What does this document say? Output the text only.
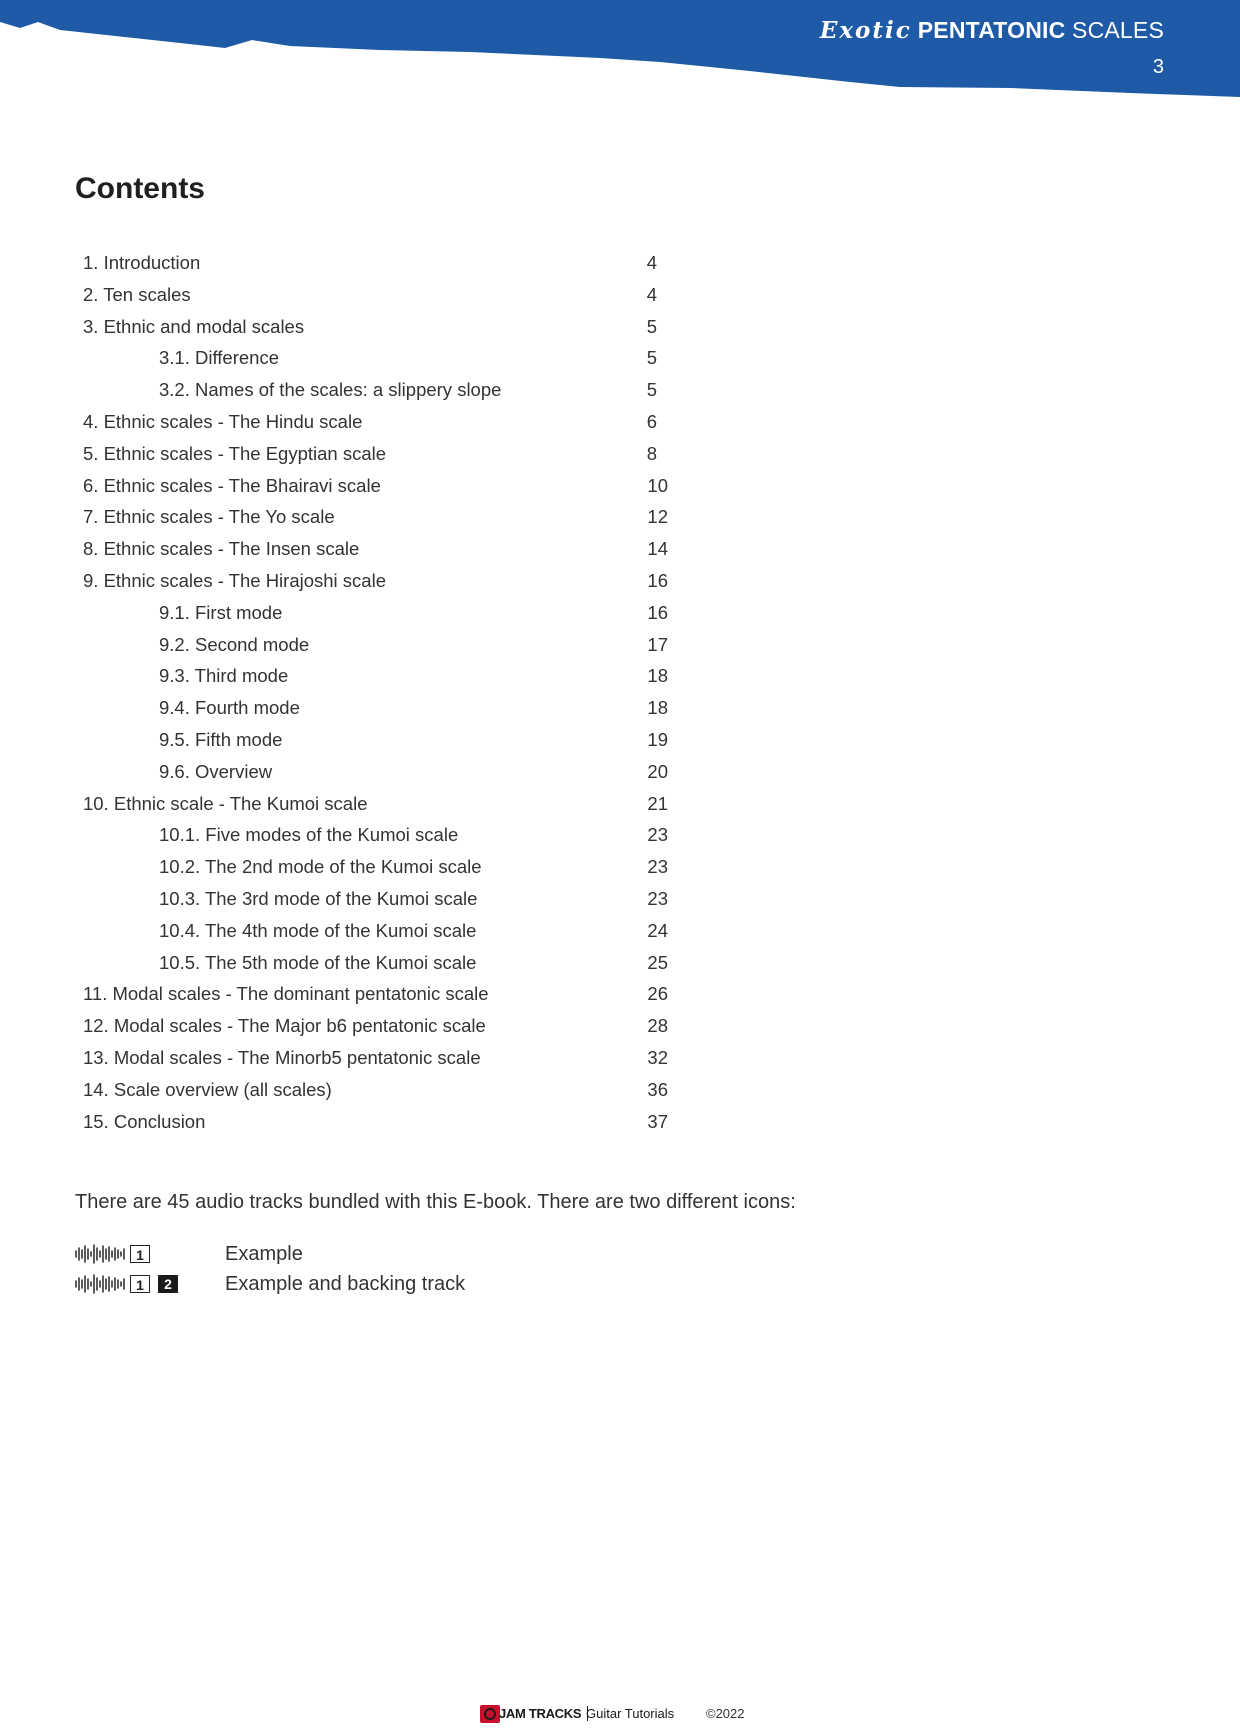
Exotic PENTATONIC SCALES
3
Contents
1. Introduction	4
2. Ten scales	4
3. Ethnic and modal scales	5
3.1. Difference	5
3.2. Names of the scales: a slippery slope	5
4. Ethnic scales - The Hindu scale	6
5. Ethnic scales - The Egyptian scale	8
6. Ethnic scales - The Bhairavi scale	10
7. Ethnic scales - The Yo scale	12
8. Ethnic scales - The Insen scale	14
9. Ethnic scales - The Hirajoshi scale	16
9.1. First mode	16
9.2. Second mode	17
9.3. Third mode	18
9.4. Fourth mode	18
9.5. Fifth mode	19
9.6. Overview	20
10. Ethnic scale - The Kumoi scale	21
10.1. Five modes of the Kumoi scale	23
10.2. The 2nd mode of the Kumoi scale	23
10.3. The 3rd mode of the Kumoi scale	23
10.4. The 4th mode of the Kumoi scale	24
10.5. The 5th mode of the Kumoi scale	25
11. Modal scales - The dominant pentatonic scale	26
12. Modal scales - The Major b6 pentatonic scale	28
13. Modal scales - The Minorb5 pentatonic scale	32
14. Scale overview (all scales)	36
15. Conclusion	37

There are 45 audio tracks bundled with this E-book. There are two different icons:

1	Example
1	2	Example and backing track
JAM TRACKS Guitar Tutorials ©2022
